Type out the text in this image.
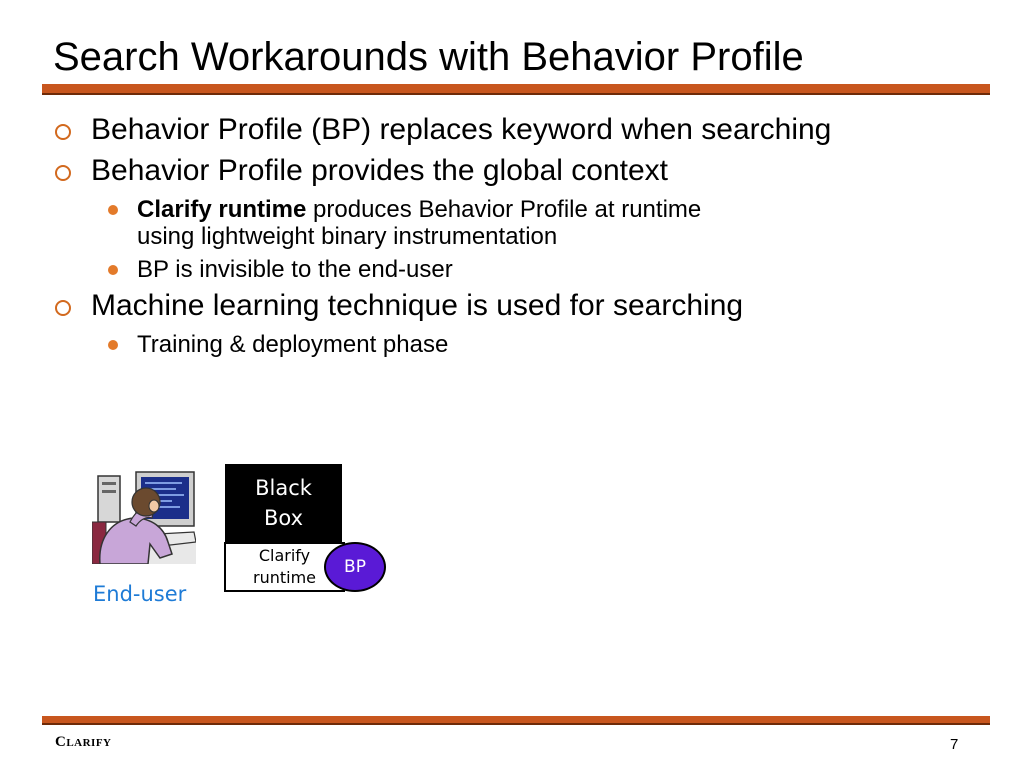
Search Workarounds with Behavior Profile
Behavior Profile (BP) replaces keyword when searching
Behavior Profile provides the global context
Clarify runtime produces Behavior Profile at runtime
using lightweight binary instrumentation
BP is invisible to the end-user
Machine learning technique is used for searching
Training & deployment phase
End-user
Black
Box
Clarify
runtime
BP
Clarify	7
